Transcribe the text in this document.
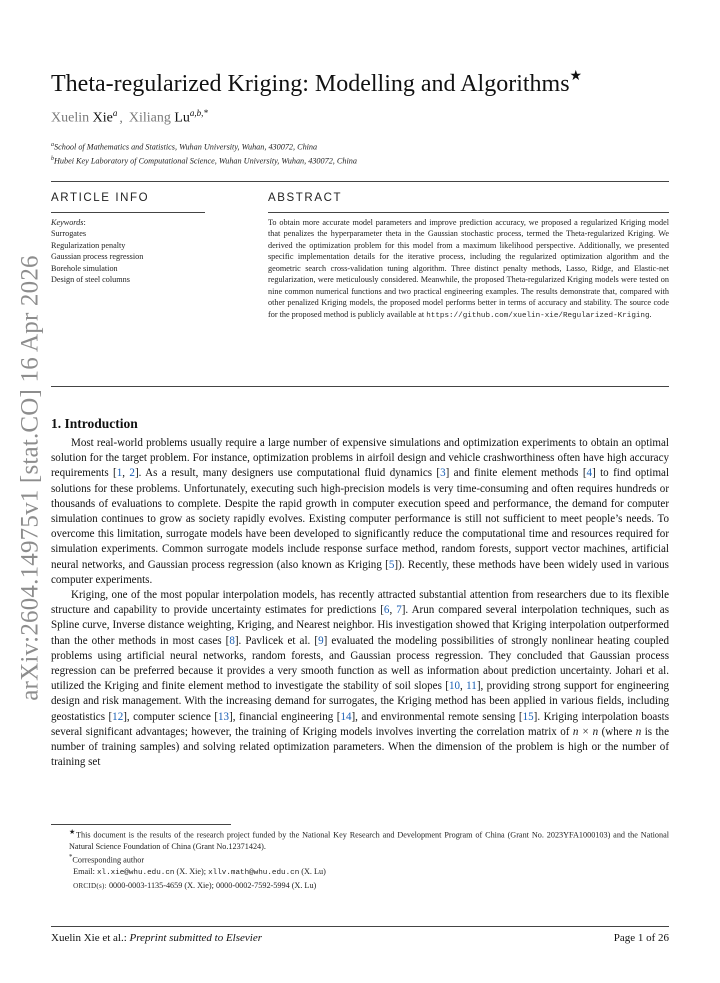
arXiv:2604.14975v1 [stat.CO] 16 Apr 2026
Theta-regularized Kriging: Modelling and Algorithms★
Xuelin Xie$^a$ , Xiliang $Lu^{a,b,*}$
$^a$School of Mathematics and Statistics, Wuhan University, Wuhan, 430072, China
$^b$Hubei Key Laboratory of Computational Science, Wuhan University, Wuhan, 430072, China
ARTICLE INFO	ABSTRACT
Keywords:
Surrogates
Regularization penalty
Gaussian process regression
Borehole simulation
Design of steel columns
To obtain more accurate model parameters and improve prediction accuracy, we proposed a regularized Kriging model that penalizes the hyperparameter theta in the Gaussian stochastic process, termed the Theta-regularized Kriging. We derived the optimization problem for this model from a maximum likelihood perspective. Additionally, we presented specific implementation details for the iterative process, including the regularized optimization algorithm and the geometric search cross-validation tuning algorithm. Three distinct penalty methods, Lasso, Ridge, and Elastic-net regularization, were meticulously considered. Meanwhile, the proposed Theta-regularized Kriging models were tested on nine common numerical functions and two practical engineering examples. The results demonstrate that, compared with other penalized Kriging models, the proposed model performs better in terms of accuracy and stability. The source code for the proposed method is publicly available at https://github.com/xuelin-xie/Regularized-Kriging.
1. Introduction

Most real-world problems usually require a large number of expensive simulations and optimization experiments to obtain an optimal solution for the target problem. For instance, optimization problems in airfoil design and vehicle crashworthiness often have high accuracy requirements [1, 2]. As a result, many designers use computational fluid dynamics [3] and finite element methods [4] to find optimal solutions for these problems. Unfortunately, executing such high-precision models is very time-consuming and often requires hundreds or thousands of evaluations to complete. Despite the rapid growth in computer execution speed and performance, the demand for computer simulation continues to grow as society rapidly evolves. Existing computer performance is still not sufficient to meet people’s needs. To overcome this limitation, surrogate models have been developed to significantly reduce the computational time and resources required for simulation experiments. Common surrogate models include response surface method, random forests, support vector machines, artificial neural networks, and Gaussian process regression (also known as Kriging [5]). Recently, these methods have been widely used in various computer experiments.

Kriging, one of the most popular interpolation models, has recently attracted substantial attention from researchers due to its flexible structure and capability to provide uncertainty estimates for predictions [6, 7]. Arun compared several interpolation techniques, such as Spline curve, Inverse distance weighting, Kriging, and Nearest neighbor. His investigation showed that Kriging interpolation outperformed than the other methods in most cases [8]. Pavlicek et al. [9] evaluated the modeling possibilities of strongly nonlinear heating coupled problems using artificial neural networks, random forests, and Gaussian process regression. They concluded that Gaussian process regression can be preferred because it provides a very smooth function as well as information about prediction uncertainty. Johari et al. utilized the Kriging and finite element method to investigate the stability of soil slopes [10, 11], providing strong support for engineering design and risk management. With the increasing demand for surrogates, the Kriging method has been applied in various fields, including geostatistics [12], computer science [13], financial engineering [14], and environmental remote sensing [15]. Kriging interpolation boasts several significant advantages; however, the training of Kriging models involves inverting the correlation matrix of n × n (where n is the number of training samples) and solving related optimization parameters. When the dimension of the problem is high or the number of training set

★This document is the results of the research project funded by the National Key Research and Development Program of China (Grant No. 2023YFA1000103) and the National Natural Science Foundation of China (Grant No.12371424).
*Corresponding author
Email: xl.xie@whu.edu.cn (X. Xie); xllv.math@whu.edu.cn (X. Lu)
ORCID(s): 0000-0003-1135-4659 (X. Xie); 0000-0002-7592-5994 (X. Lu)
Xuelin Xie et al.: Preprint submitted to Elsevier	Page 1 of 26
